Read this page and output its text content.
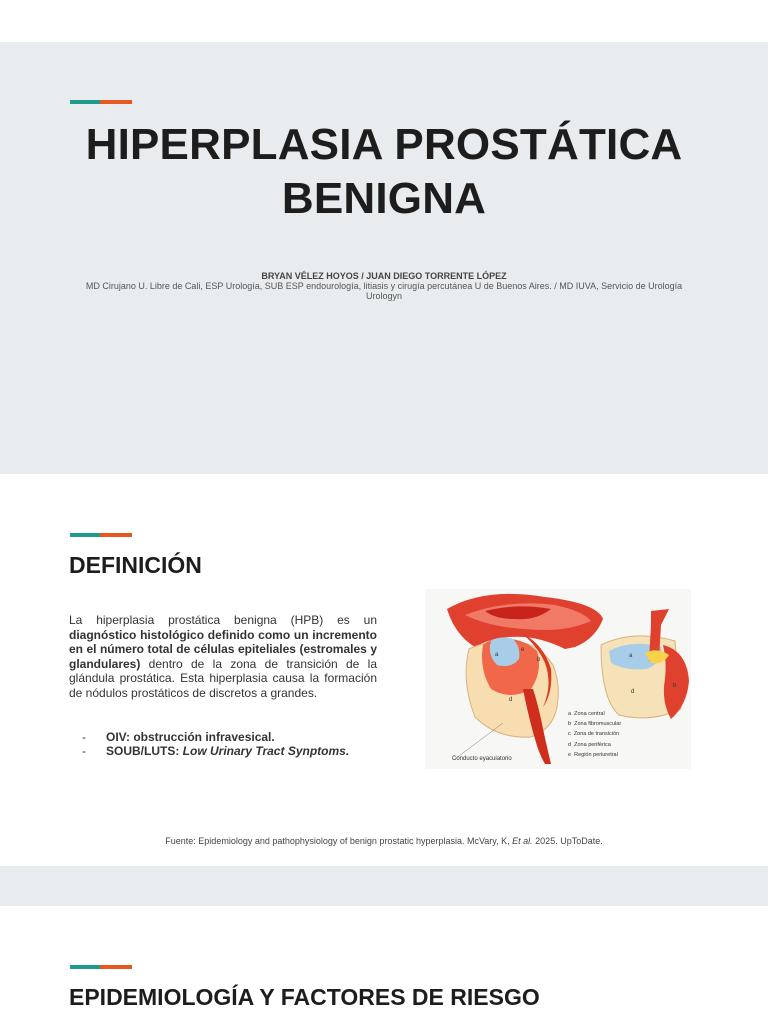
HIPERPLASIA PROSTÁTICA
BENIGNA
BRYAN VÉLEZ HOYOS / JUAN DIEGO TORRENTE LÓPEZ
MD Cirujano U. Libre de Cali, ESP Urología, SUB ESP endourología, litiasis y cirugía percutánea U de Buenos Aires. / MD IUVA, Servicio de Urología
Urologyn
DEFINICIÓN
La hiperplasia prostática benigna (HPB) es un diagnóstico histológico definido como un incremento en el número total de células epiteliales (estromales y glandulares) dentro de la zona de transición de la glándula prostática. Esta hiperplasia causa la formación de nódulos prostáticos de discretos a grandes.
-	OIV: obstrucción infravesical.
-	SOUB/LUTS: Low Urinary Tract Synptoms.
a
b
e
d
a
d
b
a Zona central
b Zona fibromuscular
c Zona de transición
d Zona periférica
e Región periuretral
Conducto eyaculatorio
Fuente: Epidemiology and pathophysiology of benign prostatic hyperplasia. McVary, K, Et al. 2025. UpToDate.
EPIDEMIOLOGÍA Y FACTORES DE RIESGO
